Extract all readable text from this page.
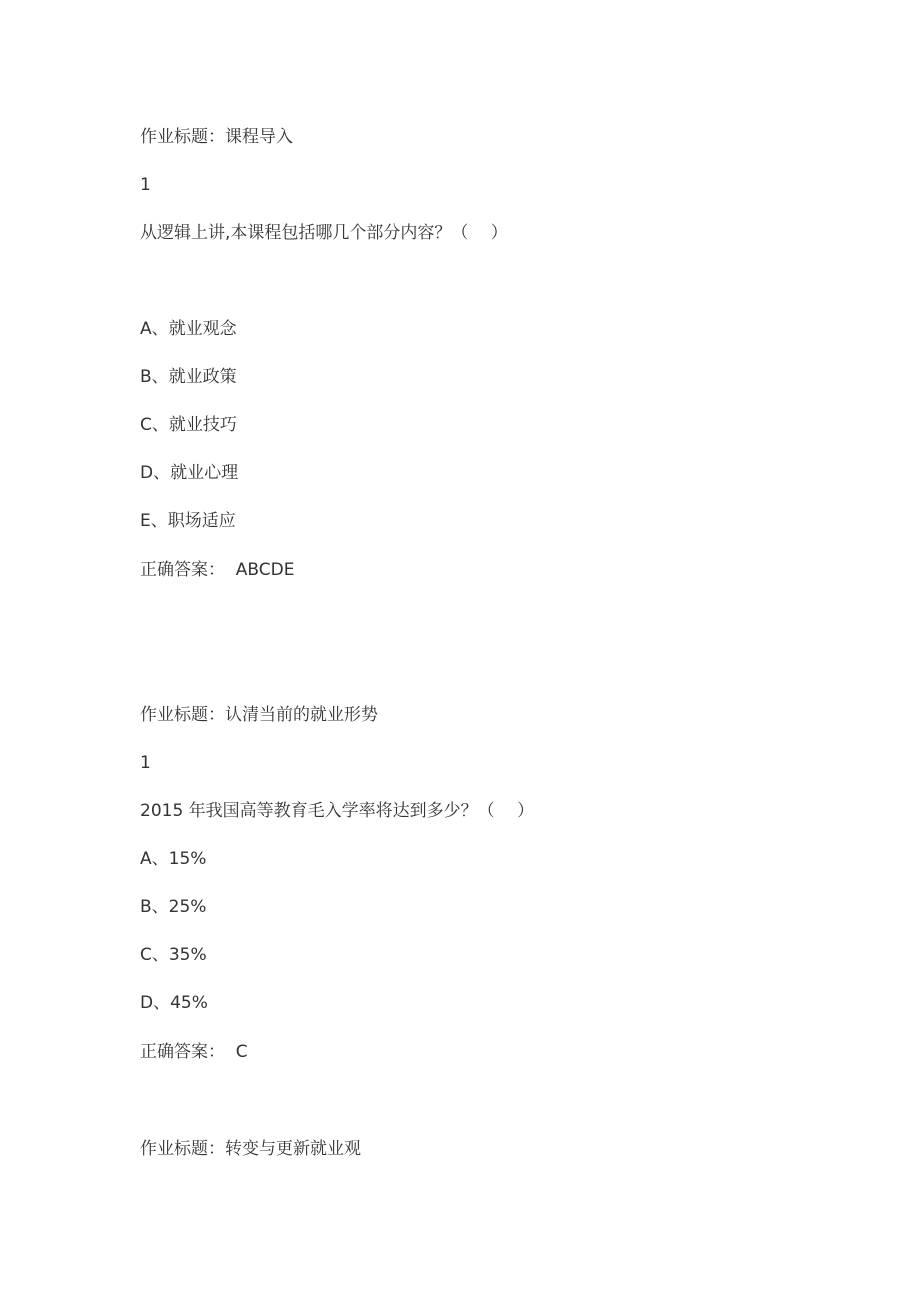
作业标题：课程导入
1
从逻辑上讲,本课程包括哪几个部分内容？（　 ）
A、就业观念
B、就业政策
C、就业技巧
D、就业心理
E、职场适应
正确答案：  ABCDE
作业标题：认清当前的就业形势
1
2015 年我国高等教育毛入学率将达到多少？（　 ）
A、15%
B、25%
C、35%
D、45%
正确答案：  C
作业标题：转变与更新就业观
